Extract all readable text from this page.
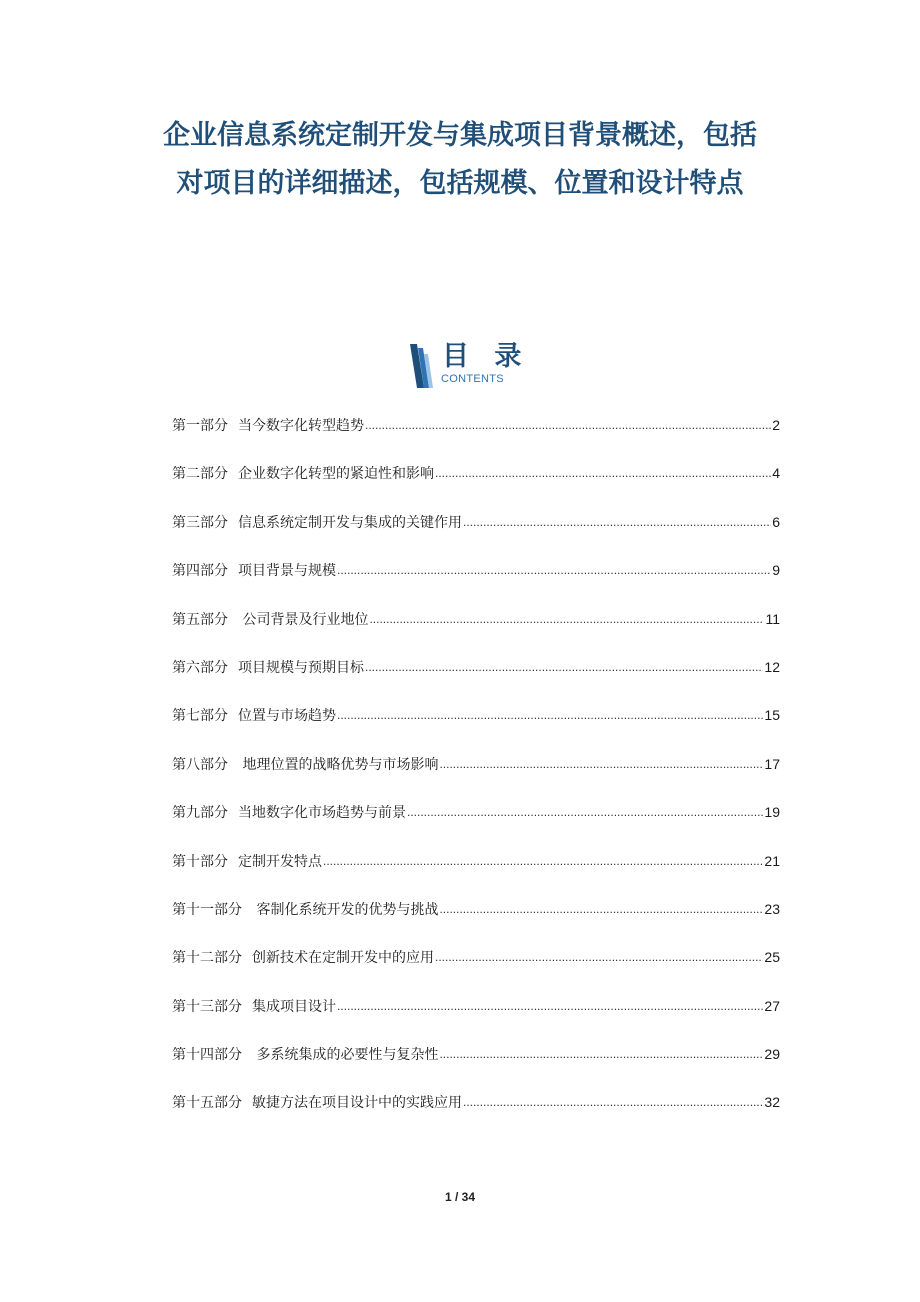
企业信息系统定制开发与集成项目背景概述，包括
对项目的详细描述，包括规模、位置和设计特点
目 录
CONTENTS
第一部分 当今数字化转型趋势 .....	2
第二部分 企业数字化转型的紧迫性和影响 .....	4
第三部分 信息系统定制开发与集成的关键作用 .....	6
第四部分 项目背景与规模 .....	9
第五部分 公司背景及行业地位 .....	11
第六部分 项目规模与预期目标 .....	12
第七部分 位置与市场趋势 .....	15
第八部分 地理位置的战略优势与市场影响 .....	17
第九部分 当地数字化市场趋势与前景 .....	19
第十部分 定制开发特点 .....	21
第十一部分 客制化系统开发的优势与挑战 .....	23
第十二部分 创新技术在定制开发中的应用 .....	25
第十三部分 集成项目设计 .....	27
第十四部分 多系统集成的必要性与复杂性 .....	29
第十五部分 敏捷方法在项目设计中的实践应用 .....	32
1 / 34
